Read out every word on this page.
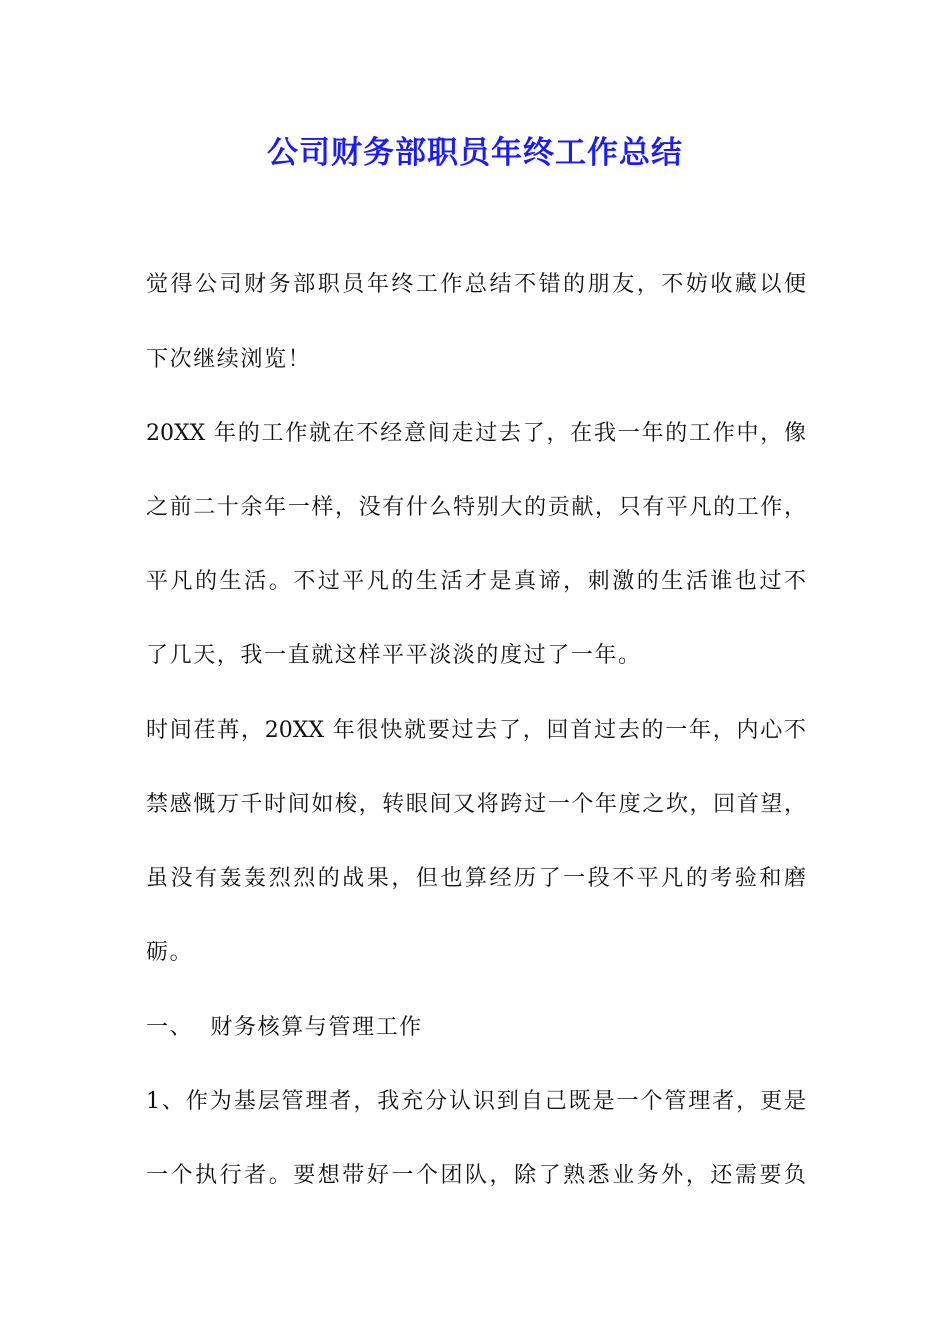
公司财务部职员年终工作总结
觉得公司财务部职员年终工作总结不错的朋友，不妨收藏以便
下次继续浏览！
20XX 年的工作就在不经意间走过去了，在我一年的工作中，像
之前二十余年一样，没有什么特别大的贡献，只有平凡的工作，
平凡的生活。不过平凡的生活才是真谛，刺激的生活谁也过不
了几天，我一直就这样平平淡淡的度过了一年。
时间荏苒，20XX 年很快就要过去了，回首过去的一年，内心不
禁感慨万千时间如梭，转眼间又将跨过一个年度之坎，回首望，
虽没有轰轰烈烈的战果，但也算经历了一段不平凡的考验和磨
砺。
一、  财务核算与管理工作
1、作为基层管理者，我充分认识到自己既是一个管理者，更是
一个执行者。要想带好一个团队，除了熟悉业务外，还需要负
